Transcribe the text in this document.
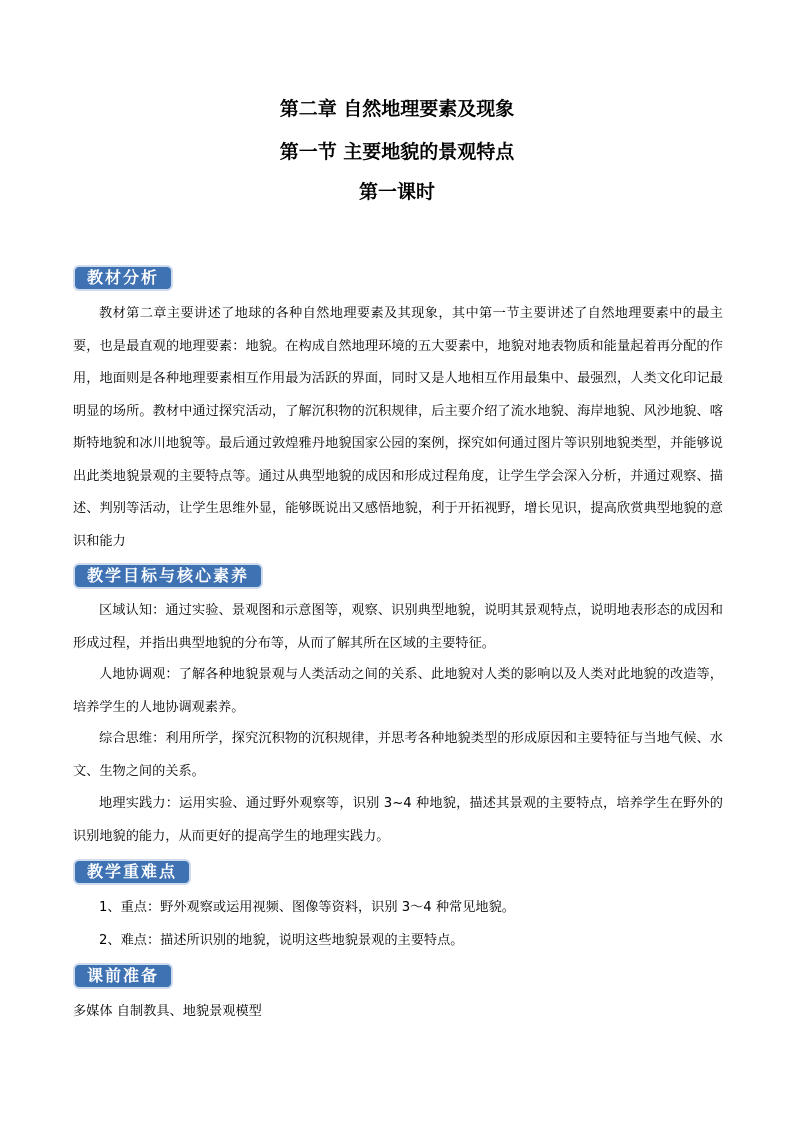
第二章 自然地理要素及现象
第一节 主要地貌的景观特点
第一课时
教材分析

教材第二章主要讲述了地球的各种自然地理要素及其现象，其中第一节主要讲述了自然地理要素中的最主要，也是最直观的地理要素：地貌。在构成自然地理环境的五大要素中，地貌对地表物质和能量起着再分配的作用，地面则是各种地理要素相互作用最为活跃的界面，同时又是人地相互作用最集中、最强烈，人类文化印记最明显的场所。教材中通过探究活动，了解沉积物的沉积规律，后主要介绍了流水地貌、海岸地貌、风沙地貌、喀斯特地貌和冰川地貌等。最后通过敦煌雅丹地貌国家公园的案例，探究如何通过图片等识别地貌类型，并能够说出此类地貌景观的主要特点等。通过从典型地貌的成因和形成过程角度，让学生学会深入分析，并通过观察、描述、判别等活动，让学生思维外显，能够既说出又感悟地貌，利于开拓视野，增长见识，提高欣赏典型地貌的意识和能力

教学目标与核心素养

区域认知：通过实验、景观图和示意图等，观察、识别典型地貌，说明其景观特点，说明地表形态的成因和形成过程，并指出典型地貌的分布等，从而了解其所在区域的主要特征。

人地协调观：了解各种地貌景观与人类活动之间的关系、此地貌对人类的影响以及人类对此地貌的改造等，培养学生的人地协调观素养。

综合思维：利用所学，探究沉积物的沉积规律，并思考各种地貌类型的形成原因和主要特征与当地气候、水文、生物之间的关系。

地理实践力：运用实验、通过野外观察等，识别 3~4 种地貌，描述其景观的主要特点，培养学生在野外的识别地貌的能力，从而更好的提高学生的地理实践力。

教学重难点

1、重点：野外观察或运用视频、图像等资料，识别 3～4 种常见地貌。

2、难点：描述所识别的地貌，说明这些地貌景观的主要特点。

课前准备

多媒体 自制教具、地貌景观模型
